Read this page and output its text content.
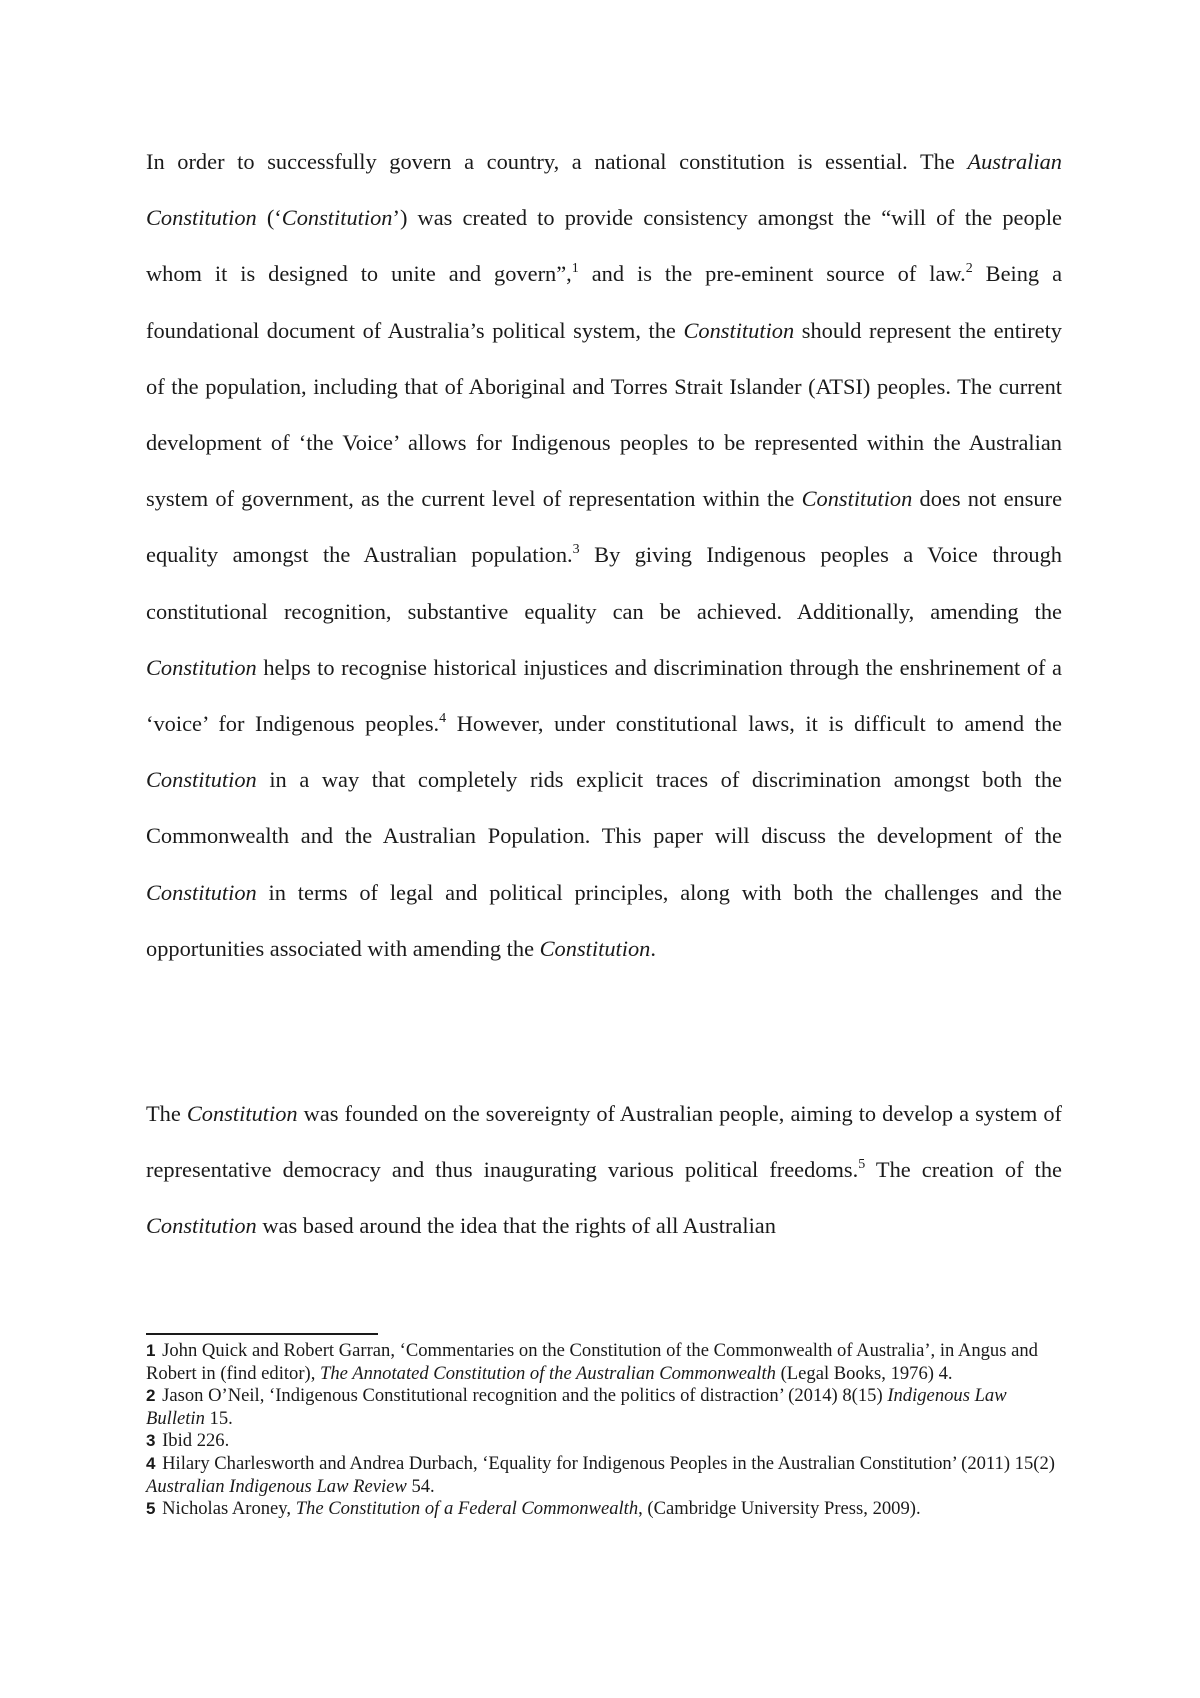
In order to successfully govern a country, a national constitution is essential. The Australian Constitution (‘Constitution’) was created to provide consistency amongst the “will of the people whom it is designed to unite and govern”,$^1$ and is the pre-eminent source of law.$^2$ Being a foundational document of Australia’s political system, the Constitution should represent the entirety of the population, including that of Aboriginal and Torres Strait Islander (ATSI) peoples. The current development of ‘the Voice’ allows for Indigenous peoples to be represented within the Australian system of government, as the current level of representation within the Constitution does not ensure equality amongst the Australian population.$^3$ By giving Indigenous peoples a Voice through constitutional recognition, substantive equality can be achieved. Additionally, amending the Constitution helps to recognise historical injustices and discrimination through the enshrinement of a ‘voice’ for Indigenous peoples.$^4$ However, under constitutional laws, it is difficult to amend the Constitution in a way that completely rids explicit traces of discrimination amongst both the Commonwealth and the Australian Population. This paper will discuss the development of the Constitution in terms of legal and political principles, along with both the challenges and the opportunities associated with amending the Constitution.

The Constitution was founded on the sovereignty of Australian people, aiming to develop a system of representative democracy and thus inaugurating various political freedoms.$^5$ The creation of the Constitution was based around the idea that the rights of all Australian

1 John Quick and Robert Garran, ‘Commentaries on the Constitution of the Commonwealth of Australia’, in Angus and Robert in (find editor), The Annotated Constitution of the Australian Commonwealth (Legal Books, 1976) 4.

2 Jason O’Neil, ‘Indigenous Constitutional recognition and the politics of distraction’ (2014) 8(15) Indigenous Law Bulletin 15.

3 Ibid 226.

4 Hilary Charlesworth and Andrea Durbach, ‘Equality for Indigenous Peoples in the Australian Constitution’ (2011) 15(2) Australian Indigenous Law Review 54.

5 Nicholas Aroney, The Constitution of a Federal Commonwealth, (Cambridge University Press, 2009).
